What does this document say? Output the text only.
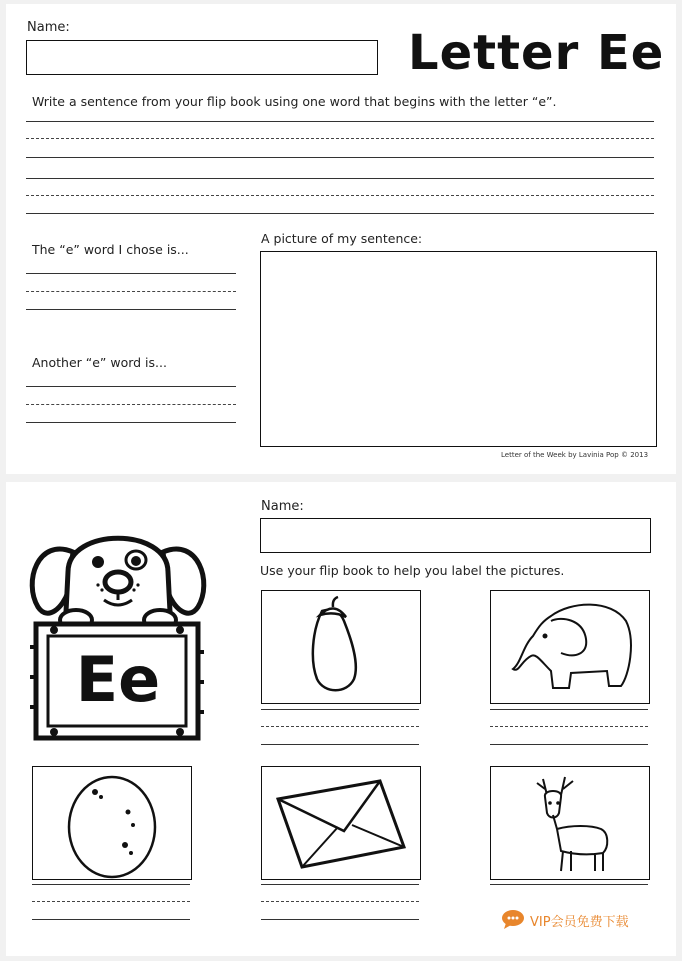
Name:	Letter Ee
Write a sentence from your flip book using one word that begins with the letter “e”.
The “e” word I chose is...
Another “e” word is...
A picture of my sentence:
Letter of the Week by Lavinia Pop © 2013
Ee
Name:
Use your flip book to help you label the pictures.
VIP会员免费下载
